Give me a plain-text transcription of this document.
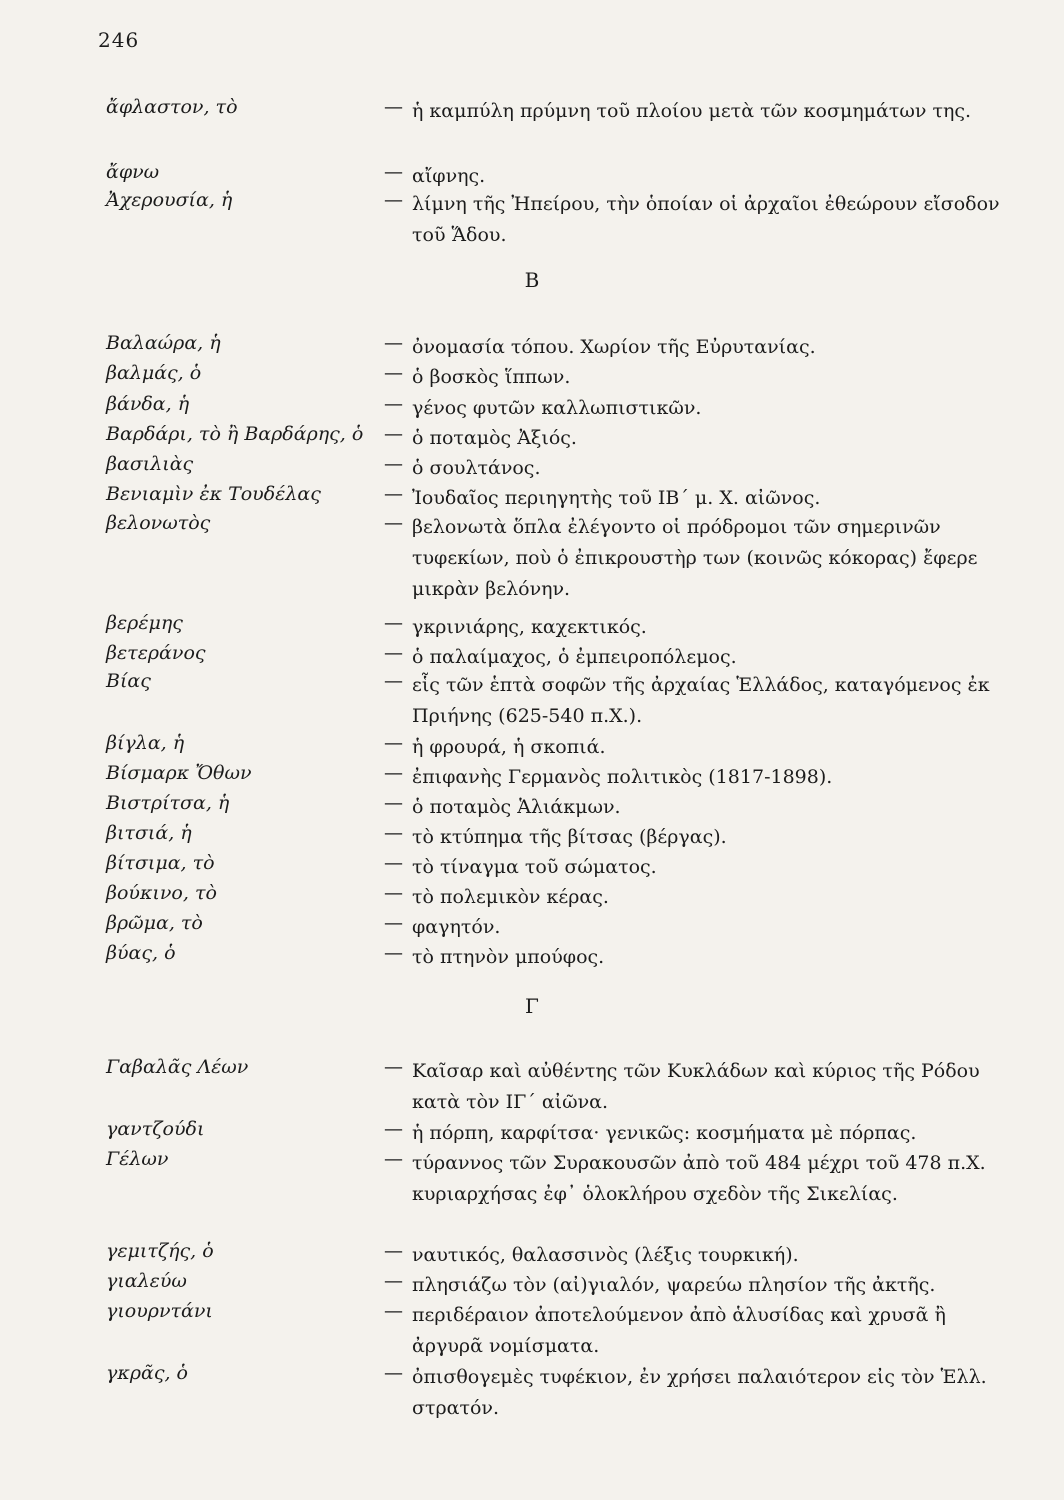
246
ἄφλαστον, τὸ	— ἡ καμπύλη πρύμνη τοῦ πλοίου μετὰ τῶν κοσμημάτων της.
ἄφνω	— αἴφνης.
Ἀχερουσία, ἡ	— λίμνη τῆς Ἠπείρου, τὴν ὁποίαν οἱ ἀρχαῖοι ἐθεώρουν εἴσοδον τοῦ Ἅδου.
Β
Βαλαώρα, ἡ	— ὀνομασία τόπου. Χωρίον τῆς Εὐρυτανίας.
βαλμάς, ὁ	— ὁ βοσκὸς ἵππων.
βάνδα, ἡ	— γένος φυτῶν καλλωπιστικῶν.
Βαρδάρι, τὸ ἢ Βαρδάρης, ὁ — ὁ ποταμὸς Ἀξιός.
βασιλιὰς	— ὁ σουλτάνος.
Βενιαμὶν ἐκ Τουδέλας	— Ἰουδαῖος περιηγητὴς τοῦ ΙΒ΄ μ. Χ. αἰῶνος.
βελονωτὸς	— βελονωτὰ ὅπλα ἐλέγοντο οἱ πρόδρομοι τῶν σημερινῶν τυφεκίων, ποὺ ὁ ἐπικρουστὴρ των (κοινῶς κόκορας) ἔφερε μικρὰν βελόνην.
βερέμης	— γκρινιάρης, καχεκτικός.
βετεράνος	— ὁ παλαίμαχος, ὁ ἐμπειροπόλεμος.
Βίας	— εἷς τῶν ἑπτὰ σοφῶν τῆς ἀρχαίας Ἑλλάδος, καταγόμενος ἐκ Πριήνης (625-540 π.Χ.).
βίγλα, ἡ	— ἡ φρουρά, ἡ σκοπιά.
Βίσμαρκ Ὄθων	— ἐπιφανὴς Γερμανὸς πολιτικὸς (1817-1898).
Βιστρίτσα, ἡ	— ὁ ποταμὸς Ἁλιάκμων.
βιτσιά, ἡ	— τὸ κτύπημα τῆς βίτσας (βέργας).
βίτσιμα, τὸ	— τὸ τίναγμα τοῦ σώματος.
βούκινο, τὸ	— τὸ πολεμικὸν κέρας.
βρῶμα, τὸ	— φαγητόν.
βύας, ὁ	— τὸ πτηνὸν μπούφος.
Γ
Γαβαλᾶς Λέων	— Καῖσαρ καὶ αὐθέντης τῶν Κυκλάδων καὶ κύριος τῆς Ρόδου κατὰ τὸν ΙΓ΄ αἰῶνα.
γαντζούδι	— ἡ πόρπη, καρφίτσα· γενικῶς: κοσμήματα μὲ πόρπας.
Γέλων	— τύραννος τῶν Συρακουσῶν ἀπὸ τοῦ 484 μέχρι τοῦ 478 π.Χ. κυριαρχήσας ἐφ᾽ ὁλοκλήρου σχεδὸν τῆς Σικελίας.
γεμιτζής, ὁ	— ναυτικός, θαλασσινὸς (λέξις τουρκική).
γιαλεύω	— πλησιάζω τὸν (αἰ)γιαλόν, ψαρεύω πλησίον τῆς ἀκτῆς.
γιουρντάνι	— περιδέραιον ἀποτελούμενον ἀπὸ ἁλυσίδας καὶ χρυσᾶ ἢ ἀργυρᾶ νομίσματα.
γκρᾶς, ὁ	— ὀπισθογεμὲς τυφέκιον, ἐν χρήσει παλαιότερον εἰς τὸν Ἑλλ. στρατόν.
